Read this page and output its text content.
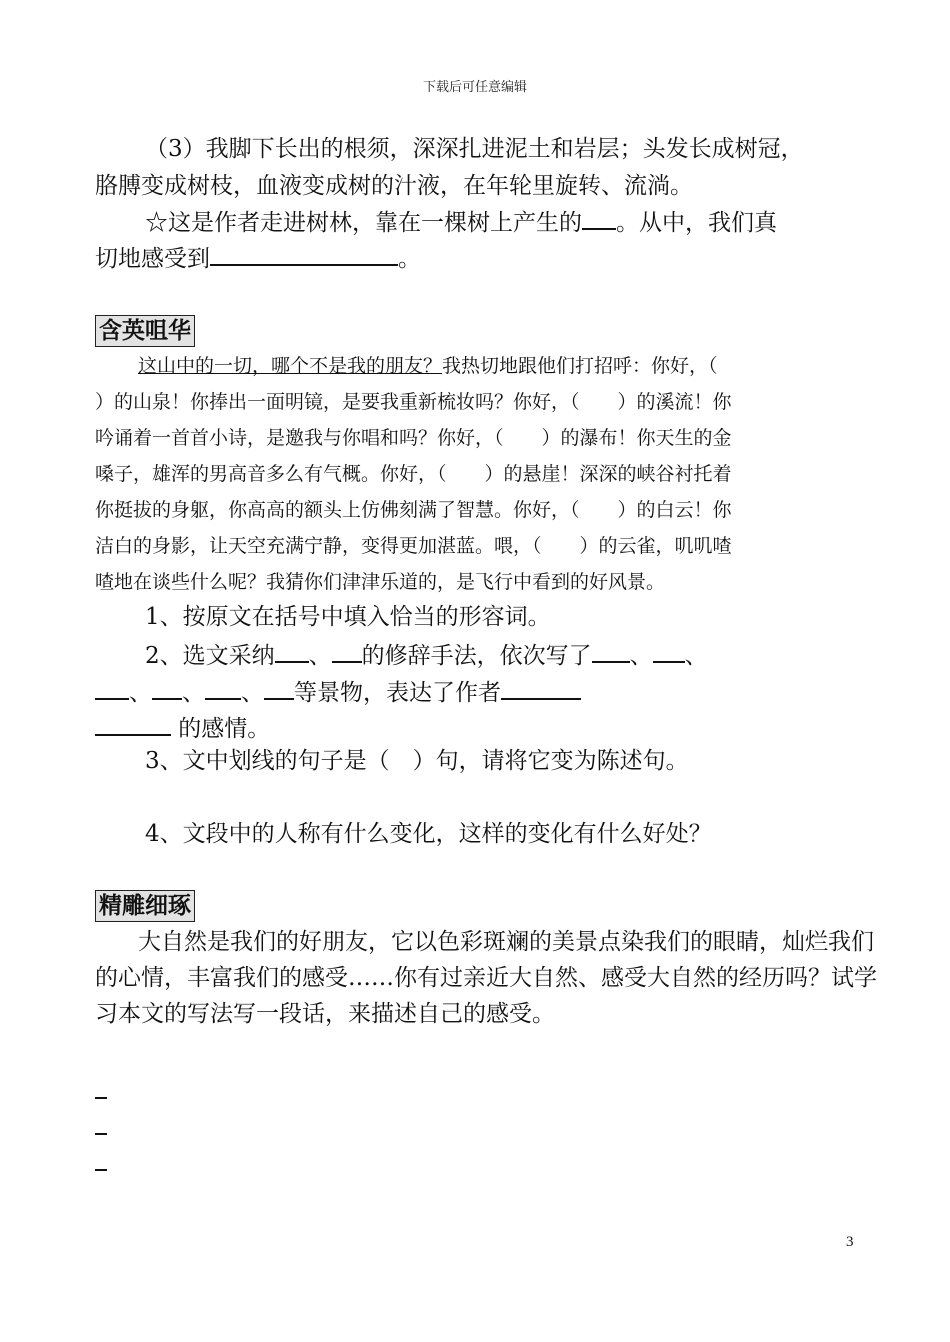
下载后可任意编辑
（3）我脚下长出的根须，深深扎进泥土和岩层；头发长成树冠，
胳膊变成树枝，血液变成树的汁液，在年轮里旋转、流淌。
☆这是作者走进树林，靠在一棵树上产生的 。从中，我们真
切地感受到	。
含英咀华
这山中的一切，哪个不是我的朋友？我热切地跟他们打招呼：你好，（
）的山泉！你捧出一面明镜，是要我重新梳妆吗？你好，（　　）的溪流！你
吟诵着一首首小诗，是邀我与你唱和吗？你好，（　　）的瀑布！你天生的金
嗓子，雄浑的男高音多么有气概。你好，（　　）的悬崖！深深的峡谷衬托着
你挺拔的身躯，你高高的额头上仿佛刻满了智慧。你好，（　　）的白云！你
洁白的身影，让天空充满宁静，变得更加湛蓝。喂，（　　）的云雀，叽叽喳
喳地在谈些什么呢？我猜你们津津乐道的，是飞行中看到的好风景。
1、按原文在括号中填入恰当的形容词。
2、选文采纳 、 的修辞手法，依次写了 、 、
、 、 、 等景物，表达了作者
的感情。
3、文中划线的句子是（　）句，请将它变为陈述句。
4、文段中的人称有什么变化，这样的变化有什么好处？
精雕细琢
大自然是我们的好朋友，它以色彩斑斓的美景点染我们的眼睛，灿烂我们
的心情，丰富我们的感受……你有过亲近大自然、感受大自然的经历吗？试学
习本文的写法写一段话，来描述自己的感受。
3
